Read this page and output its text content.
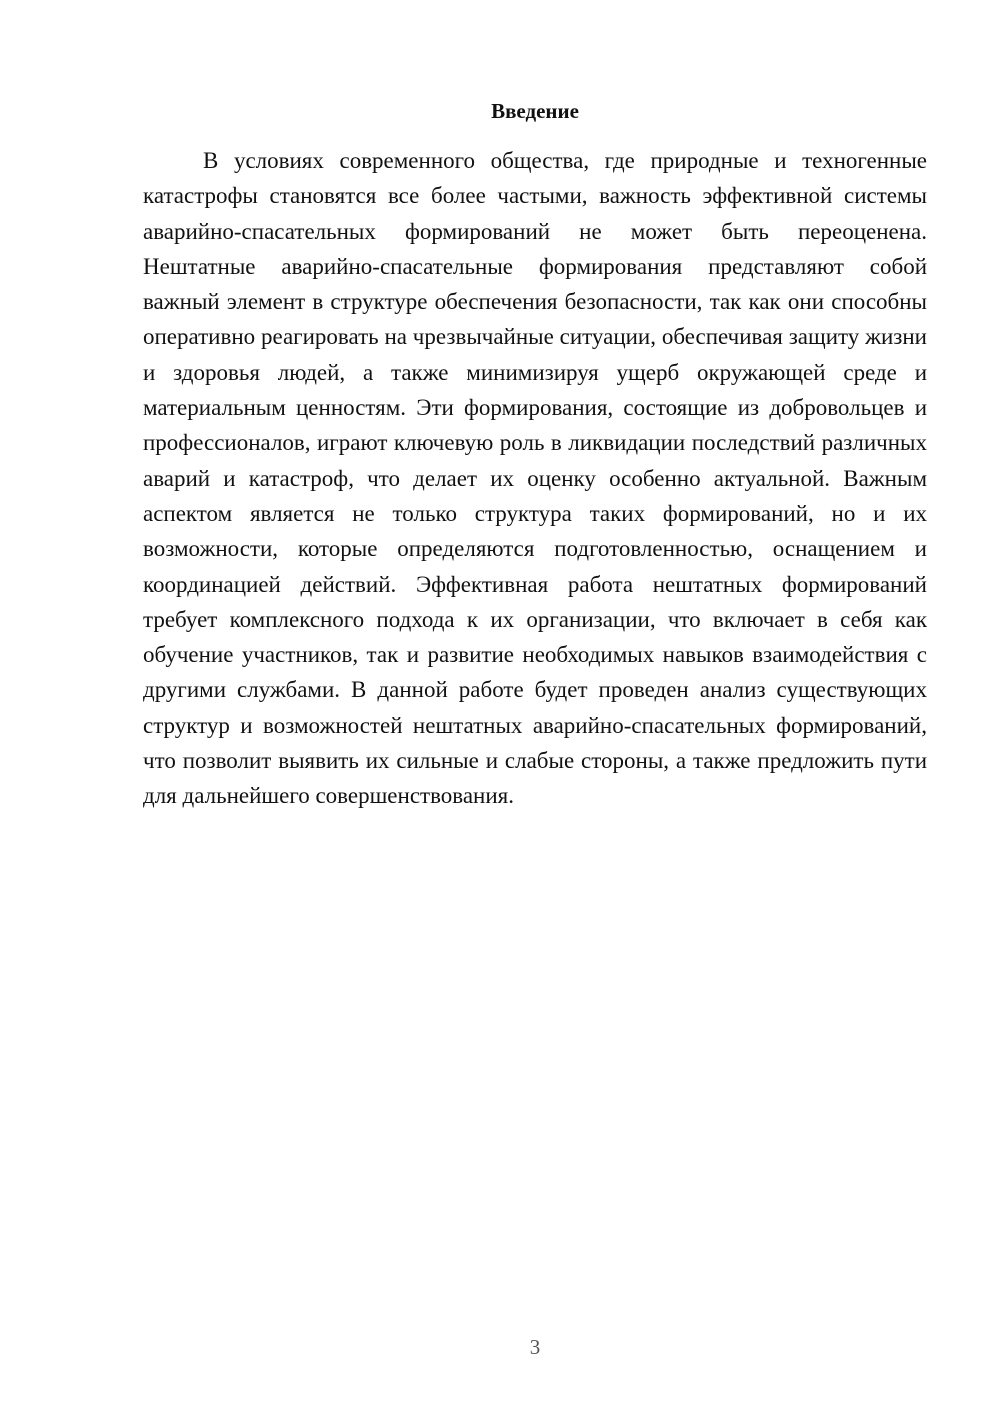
Введение

В условиях современного общества, где природные и техногенные катастрофы становятся все более частыми, важность эффективной системы аварийно-спасательных формирований не может быть переоценена. Нештатные аварийно-спасательные формирования представляют собой важный элемент в структуре обеспечения безопасности, так как они способны оперативно реагировать на чрезвычайные ситуации, обеспечивая защиту жизни и здоровья людей, а также минимизируя ущерб окружающей среде и материальным ценностям. Эти формирования, состоящие из добровольцев и профессионалов, играют ключевую роль в ликвидации последствий различных аварий и катастроф, что делает их оценку особенно актуальной. Важным аспектом является не только структура таких формирований, но и их возможности, которые определяются подготовленностью, оснащением и координацией действий. Эффективная работа нештатных формирований требует комплексного подхода к их организации, что включает в себя как обучение участников, так и развитие необходимых навыков взаимодействия с другими службами. В данной работе будет проведен анализ существующих структур и возможностей нештатных аварийно-спасательных формирований, что позволит выявить их сильные и слабые стороны, а также предложить пути для дальнейшего совершенствования.

3
